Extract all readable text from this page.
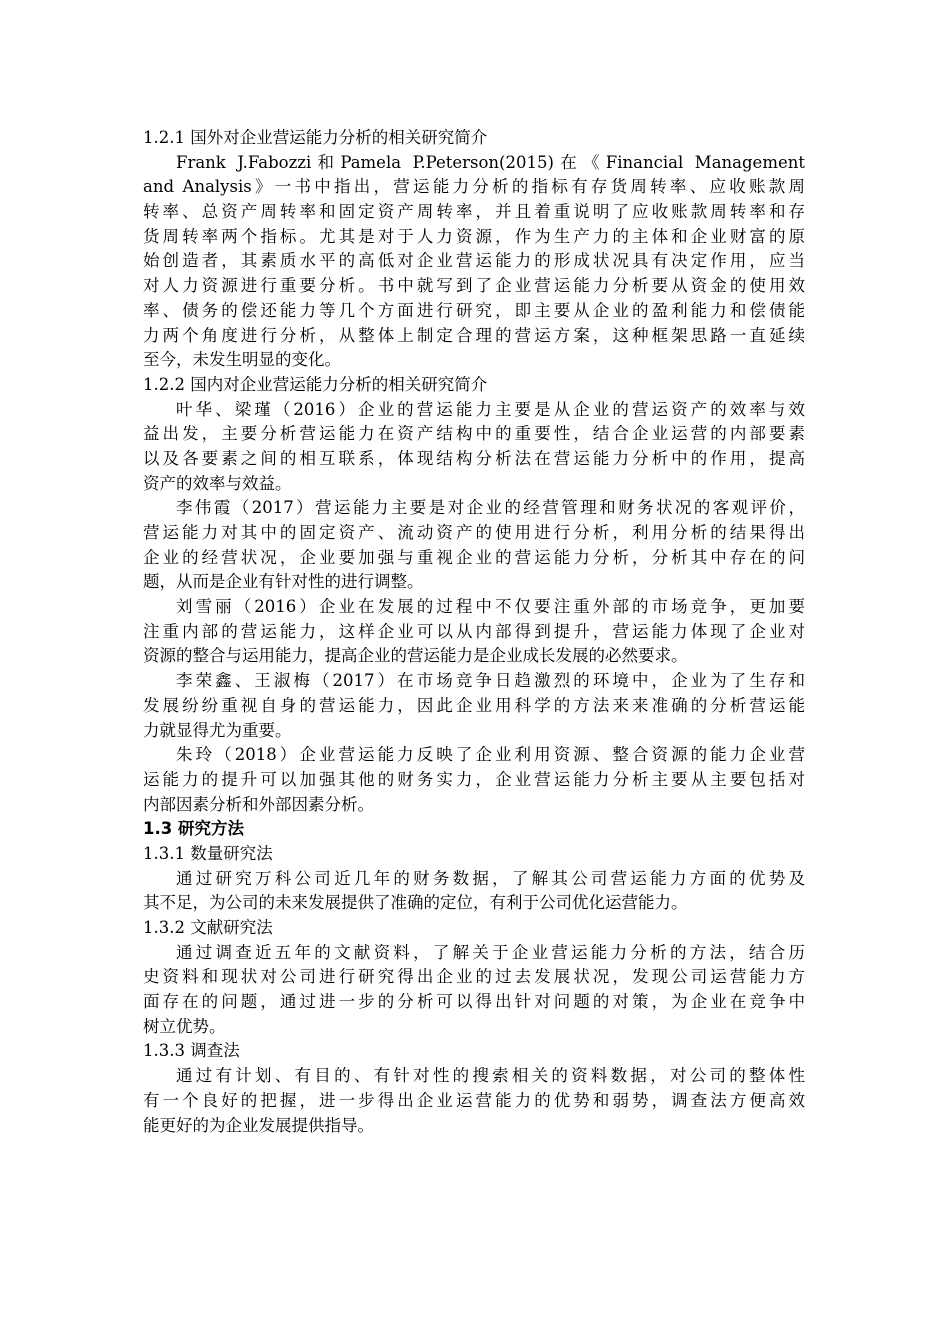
1.2.1 国外对企业营运能力分析的相关研究简介
Frank J.Fabozzi和Pamela P.Peterson(2015)在《Financial Management
and Analysis》一书中指出，营运能力分析的指标有存货周转率、应收账款周
转率、总资产周转率和固定资产周转率，并且着重说明了应收账款周转率和存
货周转率两个指标。尤其是对于人力资源，作为生产力的主体和企业财富的原
始创造者，其素质水平的高低对企业营运能力的形成状况具有决定作用，应当
对人力资源进行重要分析。书中就写到了企业营运能力分析要从资金的使用效
率、债务的偿还能力等几个方面进行研究，即主要从企业的盈利能力和偿债能
力两个角度进行分析，从整体上制定合理的营运方案，这种框架思路一直延续
至今，未发生明显的变化。
1.2.2 国内对企业营运能力分析的相关研究简介
叶华、梁瑾（2016）企业的营运能力主要是从企业的营运资产的效率与效
益出发，主要分析营运能力在资产结构中的重要性，结合企业运营的内部要素
以及各要素之间的相互联系，体现结构分析法在营运能力分析中的作用，提高
资产的效率与效益。
李伟霞（2017）营运能力主要是对企业的经营管理和财务状况的客观评价，
营运能力对其中的固定资产、流动资产的使用进行分析，利用分析的结果得出
企业的经营状况，企业要加强与重视企业的营运能力分析，分析其中存在的问
题，从而是企业有针对性的进行调整。
刘雪丽（2016）企业在发展的过程中不仅要注重外部的市场竞争，更加要
注重内部的营运能力，这样企业可以从内部得到提升，营运能力体现了企业对
资源的整合与运用能力，提高企业的营运能力是企业成长发展的必然要求。
李荣鑫、王淑梅（2017）在市场竞争日趋激烈的环境中，企业为了生存和
发展纷纷重视自身的营运能力，因此企业用科学的方法来来准确的分析营运能
力就显得尤为重要。
朱玲（2018）企业营运能力反映了企业利用资源、整合资源的能力企业营
运能力的提升可以加强其他的财务实力，企业营运能力分析主要从主要包括对
内部因素分析和外部因素分析。
1.3 研究方法
1.3.1 数量研究法
通过研究万科公司近几年的财务数据，了解其公司营运能力方面的优势及
其不足，为公司的未来发展提供了准确的定位，有利于公司优化运营能力。
1.3.2 文献研究法
通过调查近五年的文献资料，了解关于企业营运能力分析的方法，结合历
史资料和现状对公司进行研究得出企业的过去发展状况，发现公司运营能力方
面存在的问题，通过进一步的分析可以得出针对问题的对策，为企业在竞争中
树立优势。
1.3.3 调查法
通过有计划、有目的、有针对性的搜索相关的资料数据，对公司的整体性
有一个良好的把握，进一步得出企业运营能力的优势和弱势，调查法方便高效
能更好的为企业发展提供指导。
